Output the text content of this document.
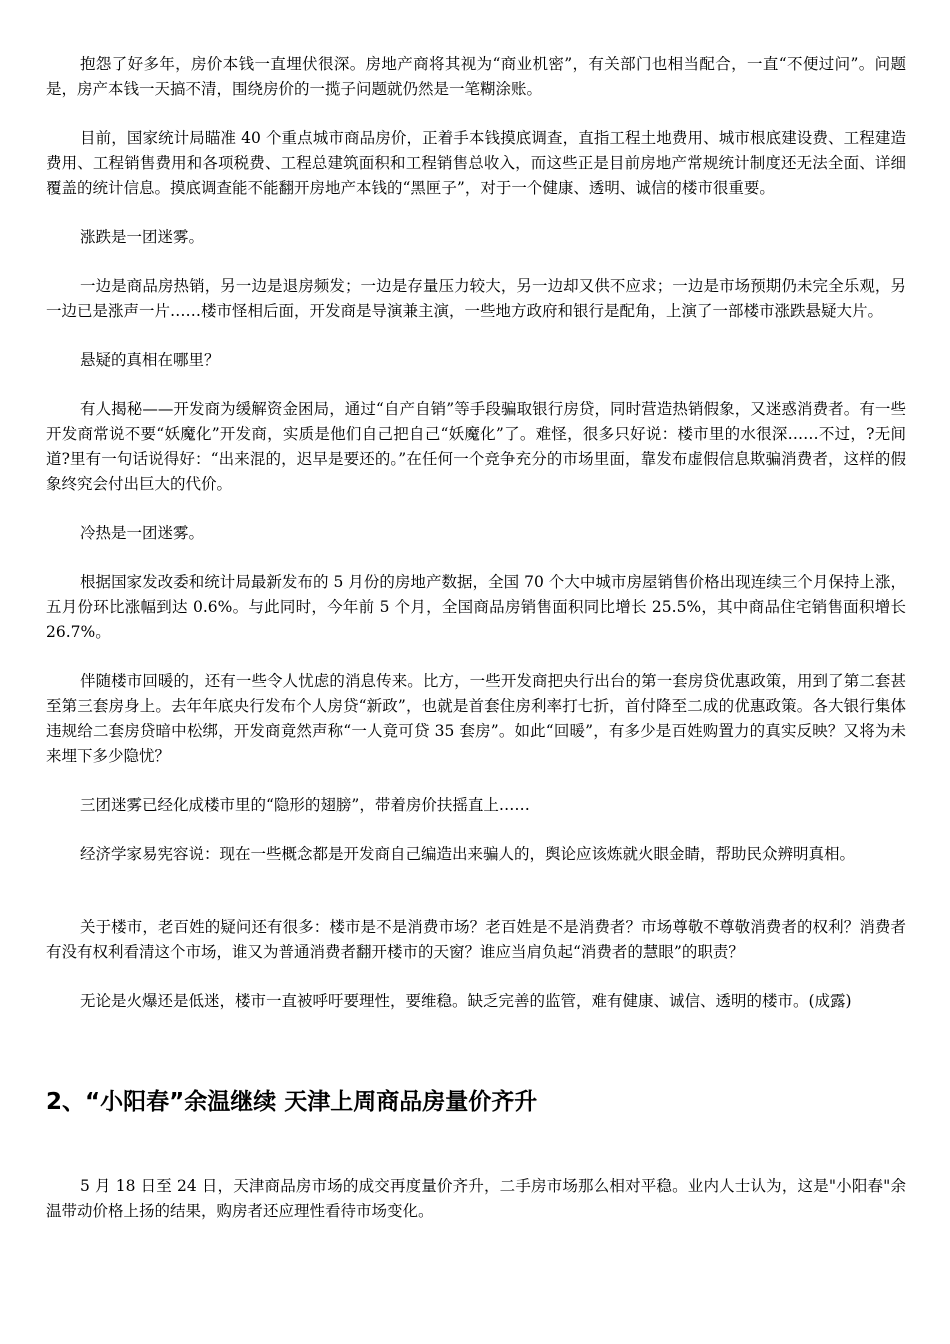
抱怨了好多年，房价本钱一直埋伏很深。房地产商将其视为“商业机密”，有关部门也相当配合，一直“不便过问”。问题是，房产本钱一天搞不清，围绕房价的一揽子问题就仍然是一笔糊涂账。

目前，国家统计局瞄准 40 个重点城市商品房价，正着手本钱摸底调查，直指工程土地费用、城市根底建设费、工程建造费用、工程销售费用和各项税费、工程总建筑面积和工程销售总收入，而这些正是目前房地产常规统计制度还无法全面、详细覆盖的统计信息。摸底调查能不能翻开房地产本钱的“黑匣子”，对于一个健康、透明、诚信的楼市很重要。

涨跌是一团迷雾。

一边是商品房热销，另一边是退房频发；一边是存量压力较大，另一边却又供不应求；一边是市场预期仍未完全乐观，另一边已是涨声一片……楼市怪相后面，开发商是导演兼主演，一些地方政府和银行是配角，上演了一部楼市涨跌悬疑大片。

悬疑的真相在哪里？

有人揭秘——开发商为缓解资金困局，通过“自产自销”等手段骗取银行房贷，同时营造热销假象，又迷惑消费者。有一些开发商常说不要“妖魔化”开发商，实质是他们自己把自己“妖魔化”了。难怪，很多只好说：楼市里的水很深……不过，?无间道?里有一句话说得好：“出来混的，迟早是要还的。”在任何一个竞争充分的市场里面，靠发布虚假信息欺骗消费者，这样的假象终究会付出巨大的代价。

冷热是一团迷雾。

根据国家发改委和统计局最新发布的 5 月份的房地产数据，全国 70 个大中城市房屋销售价格出现连续三个月保持上涨，五月份环比涨幅到达 0.6%。与此同时，今年前 5 个月，全国商品房销售面积同比增长 25.5%，其中商品住宅销售面积增长 26.7%。

伴随楼市回暖的，还有一些令人忧虑的消息传来。比方，一些开发商把央行出台的第一套房贷优惠政策，用到了第二套甚至第三套房身上。去年年底央行发布个人房贷“新政”，也就是首套住房利率打七折，首付降至二成的优惠政策。各大银行集体违规给二套房贷暗中松绑，开发商竟然声称“一人竟可贷 35 套房”。如此“回暖”，有多少是百姓购置力的真实反映？又将为未来埋下多少隐忧？

三团迷雾已经化成楼市里的“隐形的翅膀”，带着房价扶摇直上……

经济学家易宪容说：现在一些概念都是开发商自己编造出来骗人的，舆论应该炼就火眼金睛，帮助民众辨明真相。

关于楼市，老百姓的疑问还有很多：楼市是不是消费市场？老百姓是不是消费者？市场尊敬不尊敬消费者的权利？消费者有没有权利看清这个市场，谁又为普通消费者翻开楼市的天窗？谁应当肩负起“消费者的慧眼”的职责？

无论是火爆还是低迷，楼市一直被呼吁要理性，要维稳。缺乏完善的监管，难有健康、诚信、透明的楼市。(成露)

2、“小阳春”余温继续 天津上周商品房量价齐升

5 月 18 日至 24 日，天津商品房市场的成交再度量价齐升，二手房市场那么相对平稳。业内人士认为，这是"小阳春"余温带动价格上扬的结果，购房者还应理性看待市场变化。
